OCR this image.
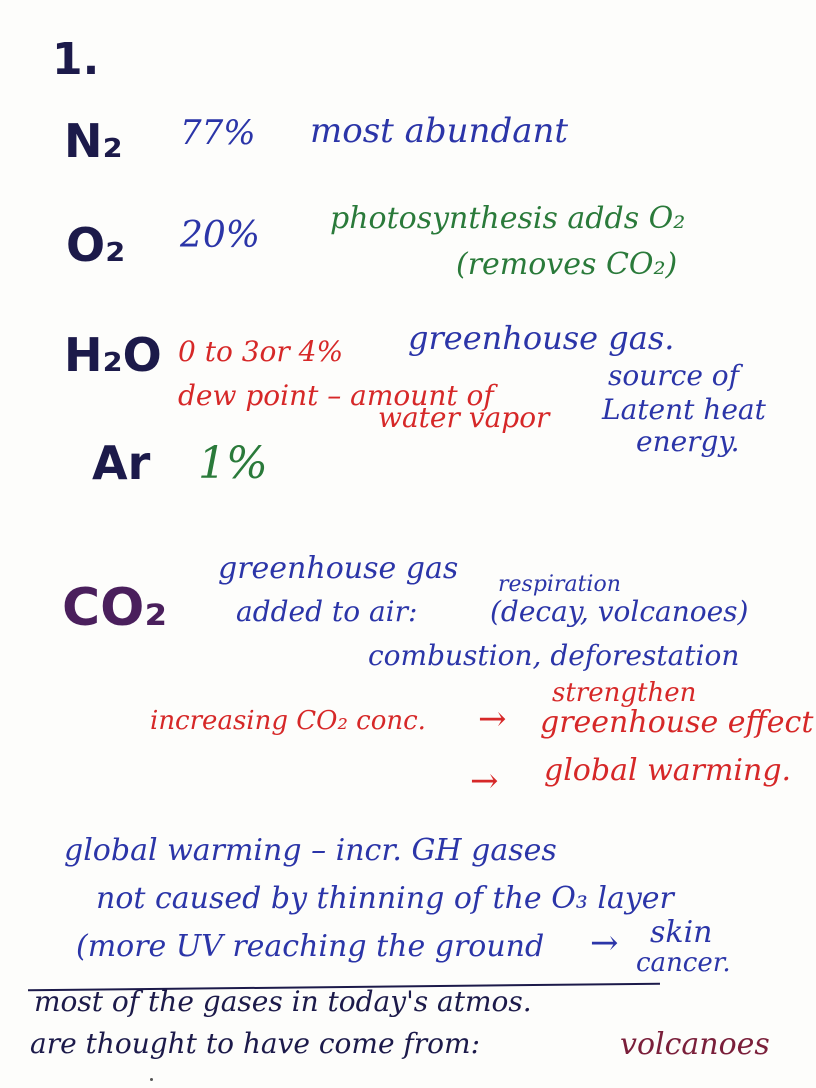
1.
N₂ 77% most abundant
O₂ 20% photosynthesis adds O₂
(removes CO₂)
H₂O 0 to 3or 4% greenhouse gas.
dew point – amount of
water vapor
source of
Latent heat
energy.
Ar 1%
CO₂
greenhouse gas
added to air:
respiration
(decay, volcanoes)
combustion, deforestation
increasing CO₂ conc. →
strengthen
greenhouse effect
→ global warming.
global warming – incr. GH gases
not caused by thinning of the O₃ layer
(more UV reaching the ground → skin
cancer.
most of the gases in today's atmos.
are thought to have come from:	volcanoes
